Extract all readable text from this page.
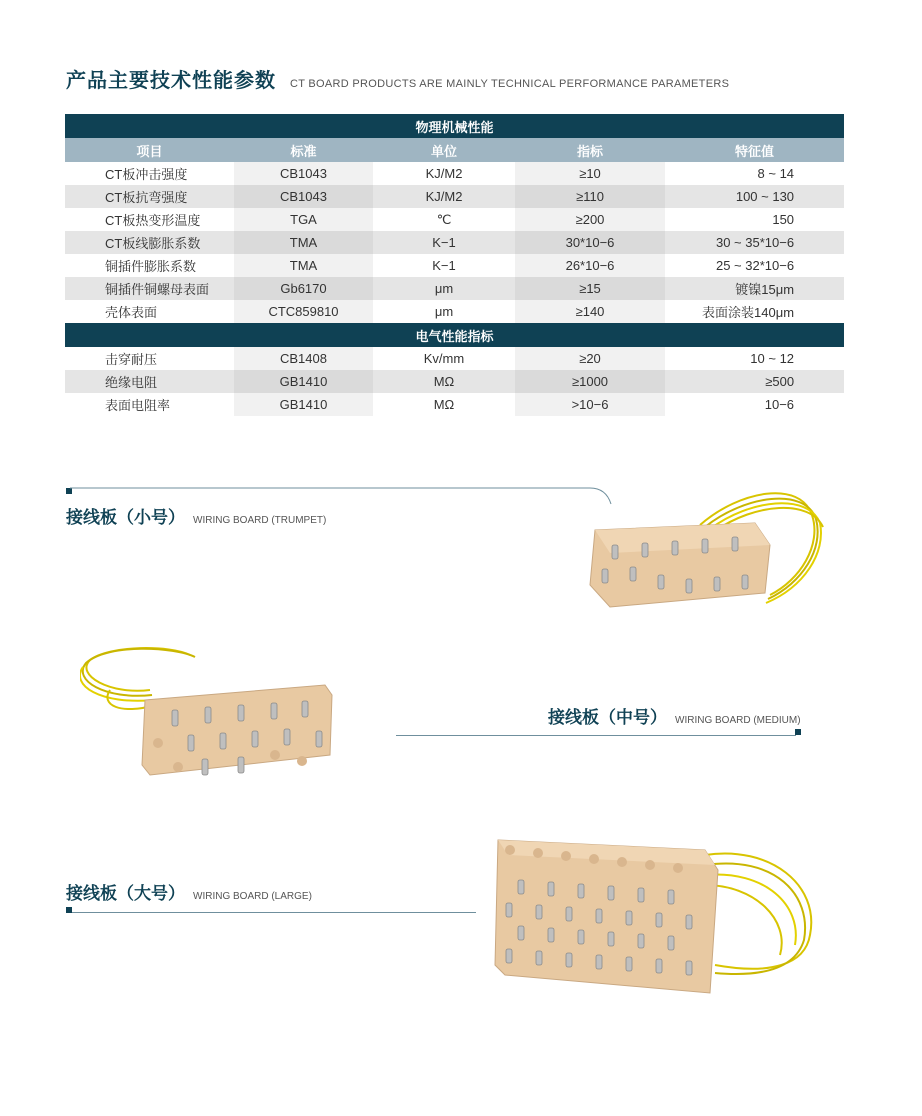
产品主要技术性能参数 CT BOARD PRODUCTS ARE MAINLY TECHNICAL PERFORMANCE PARAMETERS
物理机械性能				
项目	标准	单位	指标	特征值
CT板冲击强度	CB1043	KJ/M2	≥10	8 ~ 14
CT板抗弯强度	CB1043	KJ/M2	≥110	100 ~ 130
CT板热变形温度	TGA	℃	≥200	150
CT板线膨胀系数	TMA	K−1	30*10−6	30 ~ 35*10−6
铜插件膨胀系数	TMA	K−1	26*10−6	25 ~ 32*10−6
铜插件铜螺母表面	Gb6170	μm	≥15	镀镍15μm
壳体表面	CTC859810	μm	≥140	表面涂装140μm
电气性能指标				
击穿耐压	CB1408	Kv/mm	≥20	10 ~ 12
绝缘电阻	GB1410	MΩ	≥1000	≥500
表面电阻率	GB1410	MΩ	>10−6	10−6
接线板（小号） WIRING BOARD (TRUMPET)
接线板（中号） WIRING BOARD (MEDIUM)
接线板（大号） WIRING BOARD (LARGE)
